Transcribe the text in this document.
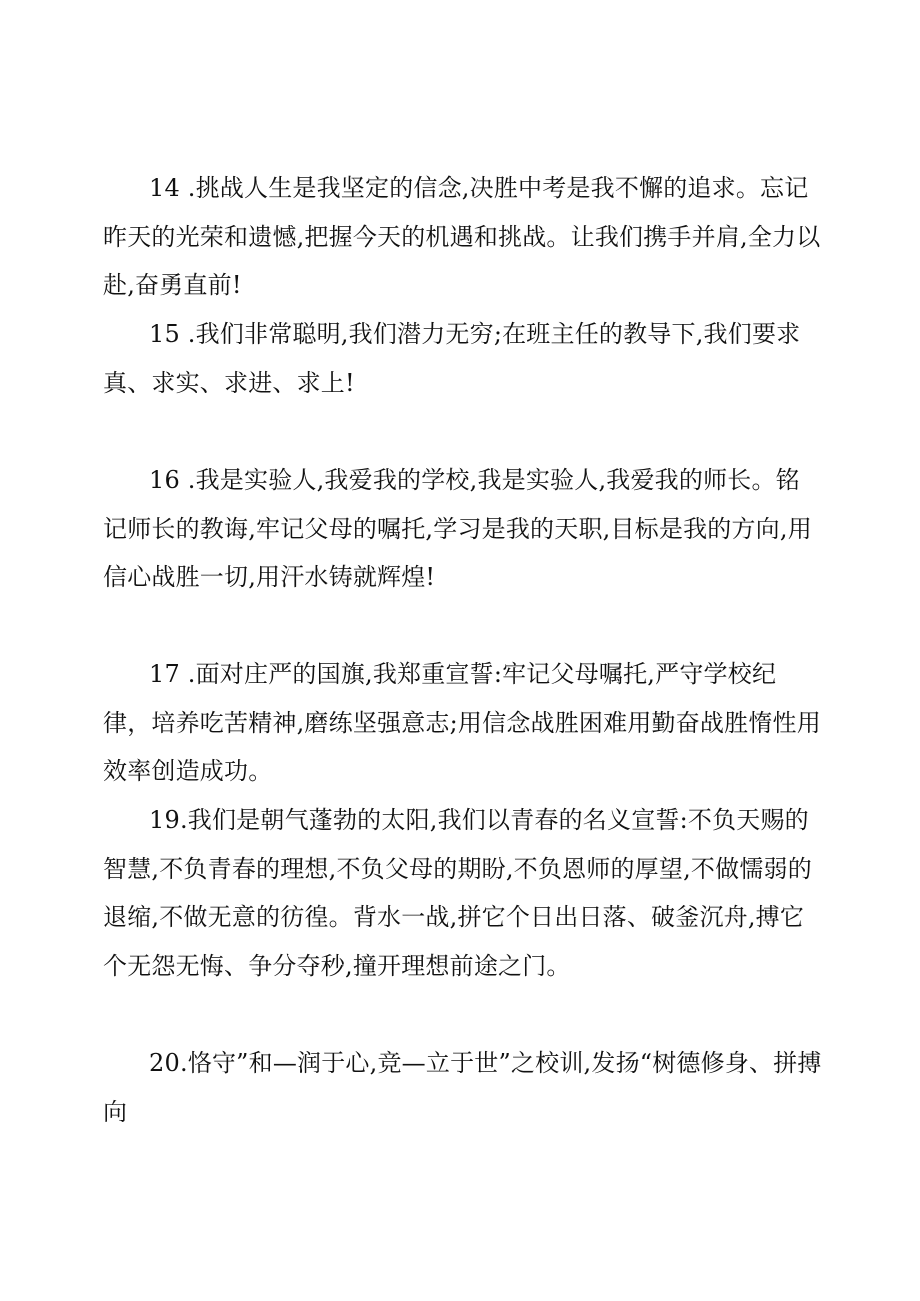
14 .挑战人生是我坚定的信念,决胜中考是我不懈的追求。忘记昨天的光荣和遗憾,把握今天的机遇和挑战。让我们携手并肩,全力以赴,奋勇直前!

15 .我们非常聪明,我们潜力无穷;在班主任的教导下,我们要求真、求实、求进、求上!

16 .我是实验人,我爱我的学校,我是实验人,我爱我的师长。铭记师长的教诲,牢记父母的嘱托,学习是我的天职,目标是我的方向,用信心战胜一切,用汗水铸就辉煌!

17 .面对庄严的国旗,我郑重宣誓:牢记父母嘱托,严守学校纪律，培养吃苦精神,磨练坚强意志;用信念战胜困难用勤奋战胜惰性用效率创造成功。

19.我们是朝气蓬勃的太阳,我们以青春的名义宣誓:不负天赐的智慧,不负青春的理想,不负父母的期盼,不负恩师的厚望,不做懦弱的退缩,不做无意的彷徨。背水一战,拼它个日出日落、破釜沉舟,搏它个无怨无悔、争分夺秒,撞开理想前途之门。

20.恪守”和—润于心,竞—立于世”之校训,发扬“树德修身、拼搏向
